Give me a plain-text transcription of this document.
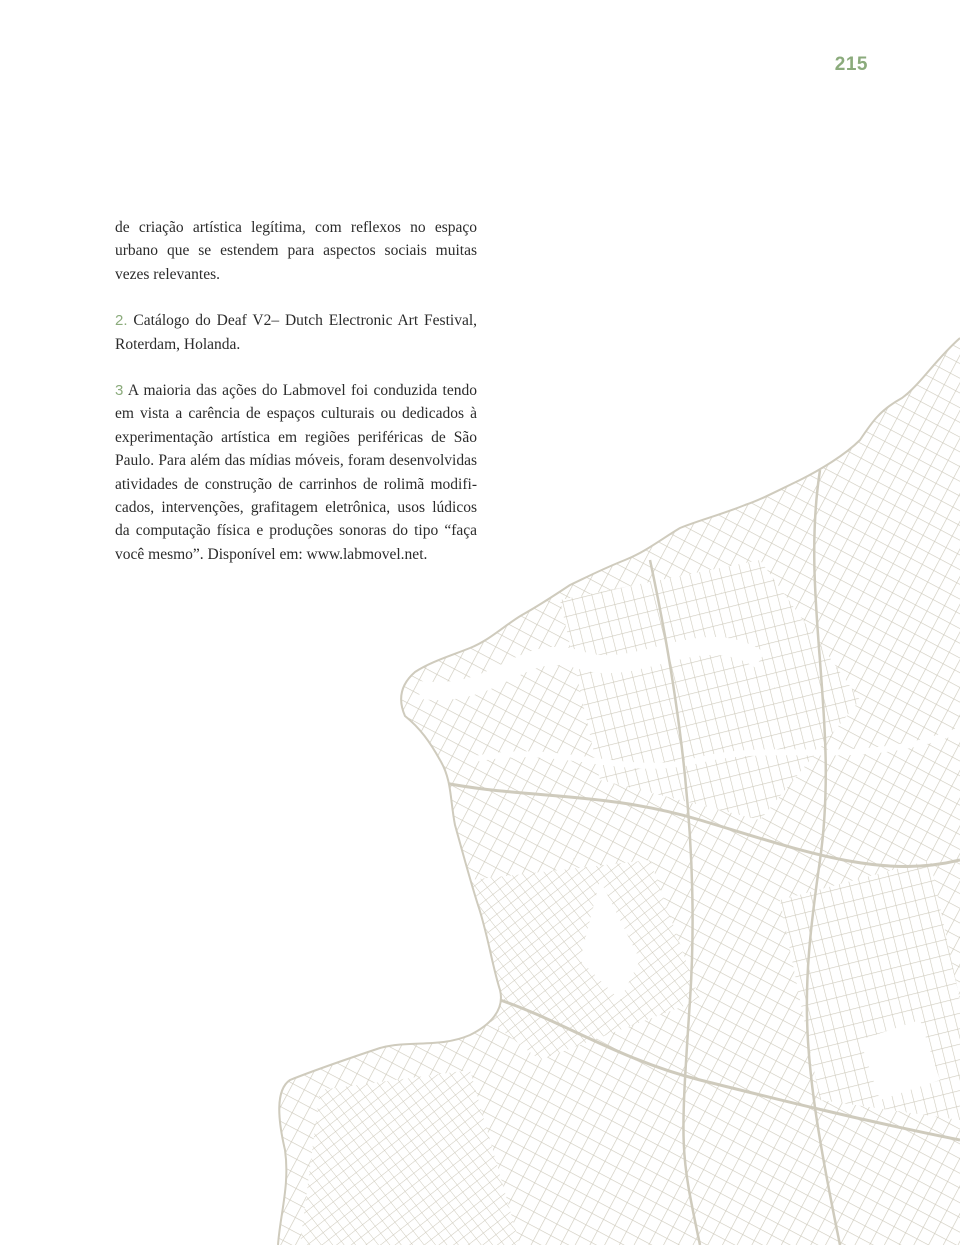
215

de criação artística legítima, com reflexos no espaço urbano que se estendem para aspectos sociais muitas vezes relevantes.

2. Catálogo do Deaf V2– Dutch Electronic Art Festival, Roterdam, Holanda.

3 A maioria das ações do Labmovel foi conduzida tendo em vista a carência de espaços culturais ou dedicados à experimentação artística em regiões periféricas de São Paulo. Para além das mídias móveis, foram desenvolvidas atividades de construção de carrinhos de rolimã modificados, intervenções, grafitagem eletrônica, usos lúdicos da computação física e produções sonoras do tipo “faça você mesmo”. Disponível em: www.labmovel.net.
